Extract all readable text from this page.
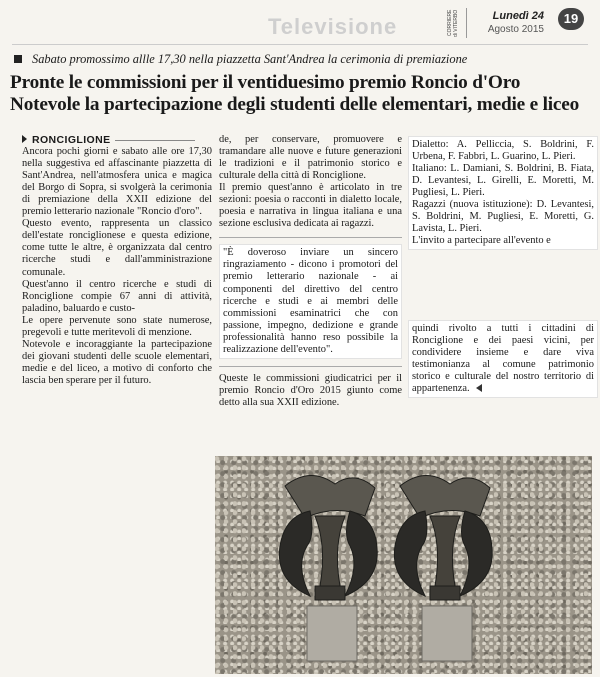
Televisione	CORRIERE di VITERBO	Lunedì 24
Agosto 2015
19
Sabato promossimo allle 17,30 nella piazzetta Sant'Andrea la cerimonia di premiazione
Pronte le commissioni per il ventiduesimo premio Roncio d'Oro
Notevole la partecipazione degli studenti delle elementari, medie e liceo
RONCIGLIONE

Ancora pochi giorni e sabato alle ore 17,30 nella suggestiva ed affascinante piazzetta di Sant'Andrea, nell'atmosfera unica e magica del Borgo di Sopra, si svolgerà la cerimonia di premiazione della XXII edizione del premio letterario nazionale "Roncio d'oro".

Questo evento, rappresenta un classico dell'estate ronciglionese e questa edizione, come tutte le altre, è organizzata dal centro ricerche studi e dall'amministrazione comunale.

Quest'anno il centro ricerche e studi di Ronciglione compie 67 anni di attività, paladino, baluardo e custo-

Le opere pervenute sono state numerose, pregevoli e tutte meritevoli di menzione.

Notevole e incoraggiante la partecipazione dei giovani studenti delle scuole elementari, medie e del liceo, a motivo di conforto che lascia ben sperare per il futuro.

de, per conservare, promuovere e tramandare alle nuove e future generazioni le tradizioni e il patrimonio storico e culturale della città di Ronciglione.

Il premio quest'anno è articolato in tre sezioni: poesia o racconti in dialetto locale, poesia e narrativa in lingua italiana e una sezione esclusiva dedicata ai ragazzi.

"È doveroso inviare un sincero ringraziamento - dicono i promotori del premio letterario nazionale - ai componenti del direttivo del centro ricerche e studi e ai membri delle commissioni esaminatrici che con passione, impegno, dedizione e grande professionalità hanno reso possibile la realizzazione dell'evento".

Queste le commissioni giudicatrici per il premio Roncio d'Oro 2015 giunto come detto alla sua XXII edizione.

Dialetto: A. Pelliccia, S. Boldrini, F. Urbena, F. Fabbri, L. Guarino, L. Pieri.

Italiano: L. Damiani, S. Boldrini, B. Fiata, D. Levantesi, L. Girelli, E. Moretti, M. Pugliesi, L. Pieri.

Ragazzi (nuova istituzione): D. Levantesi, S. Boldrini, M. Pugliesi, E. Moretti, G. Lavista, L. Pieri.

L'invito a partecipare all'evento e

quindi rivolto a tutti i cittadini di Ronciglione e dei paesi vicini, per condividere insieme e dare viva testimonianza al comune patrimonio storico e culturale del nostro territorio di appartenenza.
